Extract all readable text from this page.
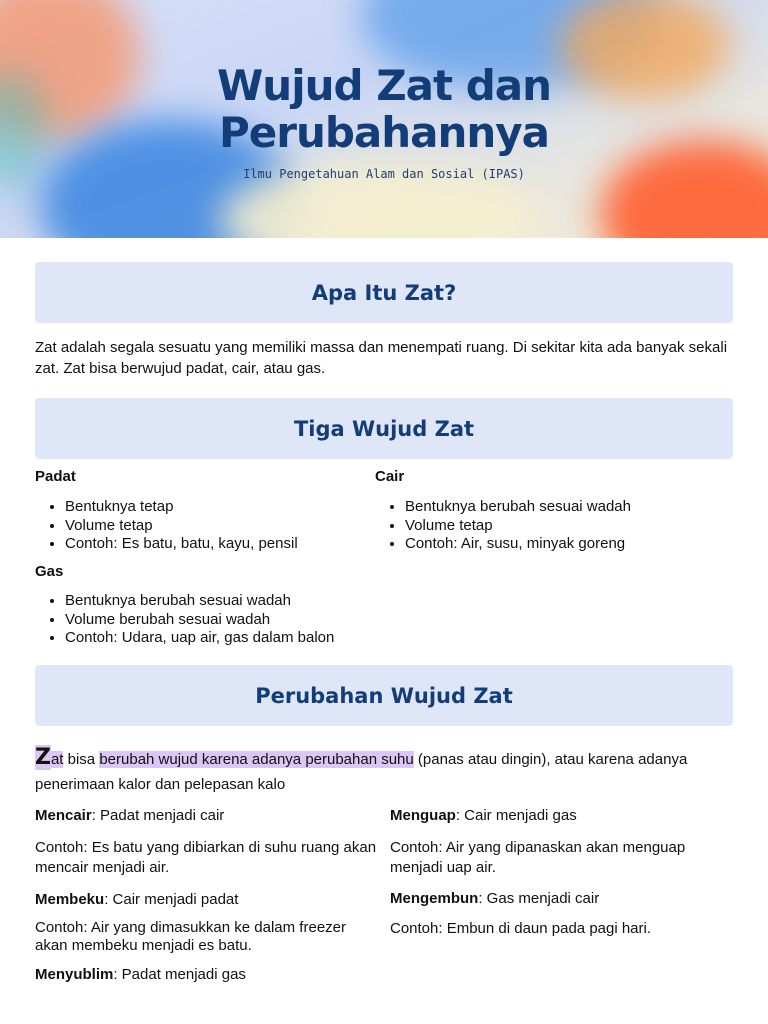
Wujud Zat dan
Perubahannya

Ilmu Pengetahuan Alam dan Sosial (IPAS)

Apa Itu Zat?

Zat adalah segala sesuatu yang memiliki massa dan menempati ruang. Di sekitar kita ada banyak sekali zat. Zat bisa berwujud padat, cair, atau gas.

Tiga Wujud Zat

Padat

• Bentuknya tetap
• Volume tetap
• Contoh: Es batu, batu, kayu, pensil

Cair

• Bentuknya berubah sesuai wadah
• Volume tetap
• Contoh: Air, susu, minyak goreng

Gas

• Bentuknya berubah sesuai wadah
• Volume berubah sesuai wadah
• Contoh: Udara, uap air, gas dalam balon
Perubahan Wujud Zat

Zat bisa berubah wujud karena adanya perubahan suhu (panas atau dingin), atau karena adanya penerimaan kalor dan pelepasan kalo

Mencair: Padat menjadi cair

Contoh: Es batu yang dibiarkan di suhu ruang akan mencair menjadi air.

Menguap: Cair menjadi gas

Contoh: Air yang dipanaskan akan menguap menjadi uap air.

Membeku: Cair menjadi padat

Contoh: Air yang dimasukkan ke dalam freezer akan membeku menjadi es batu.

Mengembun: Gas menjadi cair

Contoh: Embun di daun pada pagi hari.

Menyublim: Padat menjadi gas
